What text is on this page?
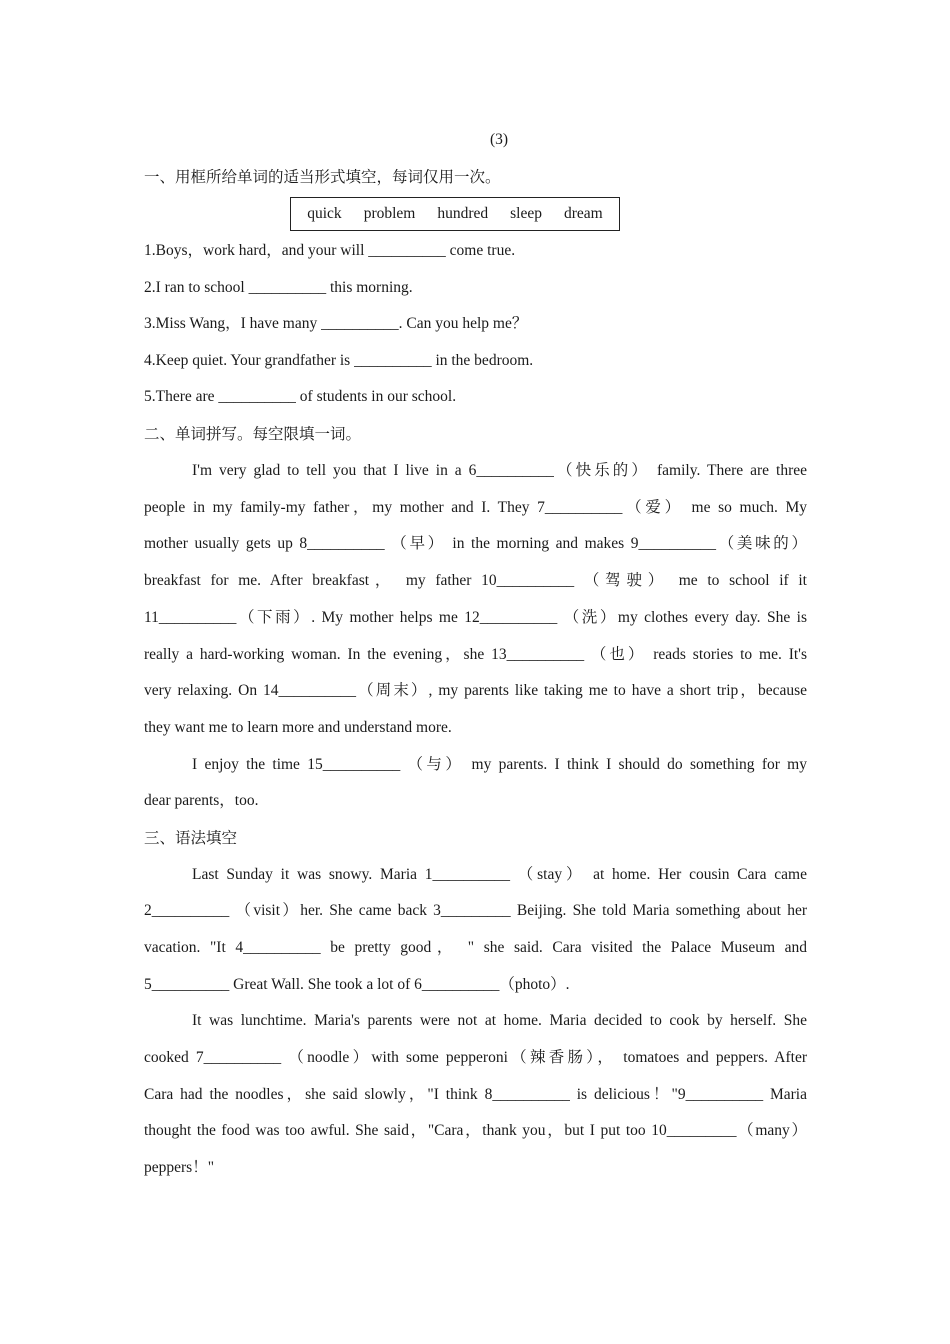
(3)
一、用框所给单词的适当形式填空，每词仅用一次。
quick problem hundred sleep dream
1.Boys，work hard，and your will __________ come true.
2.I ran to school __________ this morning.
3.Miss Wang，I have many __________. Can you help me？
4.Keep quiet. Your grandfather is __________ in the bedroom.
5.There are __________ of students in our school.
二、单词拼写。每空限填一词。
I'm very glad to tell you that I live in a 6__________（快乐的） family. There are three
people in my family-my father，my mother and I. They 7__________（爱） me so much. My
mother usually gets up 8__________ （早） in the morning and makes 9__________（美味的）
breakfast for me. After breakfast， my father 10__________ （驾驶） me to school if it
11__________（下雨）. My mother helps me 12__________ （洗）my clothes every day. She is
really a hard-working woman. In the evening，she 13__________ （也） reads stories to me. It's
very relaxing. On 14__________（周末）, my parents like taking me to have a short trip，because
they want me to learn more and understand more.
I enjoy the time 15__________ （与） my parents. I think I should do something for my
dear parents，too.
三、语法填空
Last Sunday it was snowy. Maria 1__________ （stay） at home. Her cousin Cara came
2__________ （visit）her. She came back 3_________ Beijing. She told Maria something about her
vacation. "It 4__________ be pretty good， " she said. Cara visited the Palace Museum and
5__________ Great Wall. She took a lot of 6__________（photo）.
It was lunchtime. Maria's parents were not at home. Maria decided to cook by herself. She
cooked 7__________ （noodle）with some pepperoni（辣香肠）， tomatoes and peppers. After
Cara had the noodles，she said slowly，"I think 8__________ is delicious！"9__________ Maria
thought the food was too awful. She said，"Cara，thank you，but I put too 10_________（many）
peppers！"
